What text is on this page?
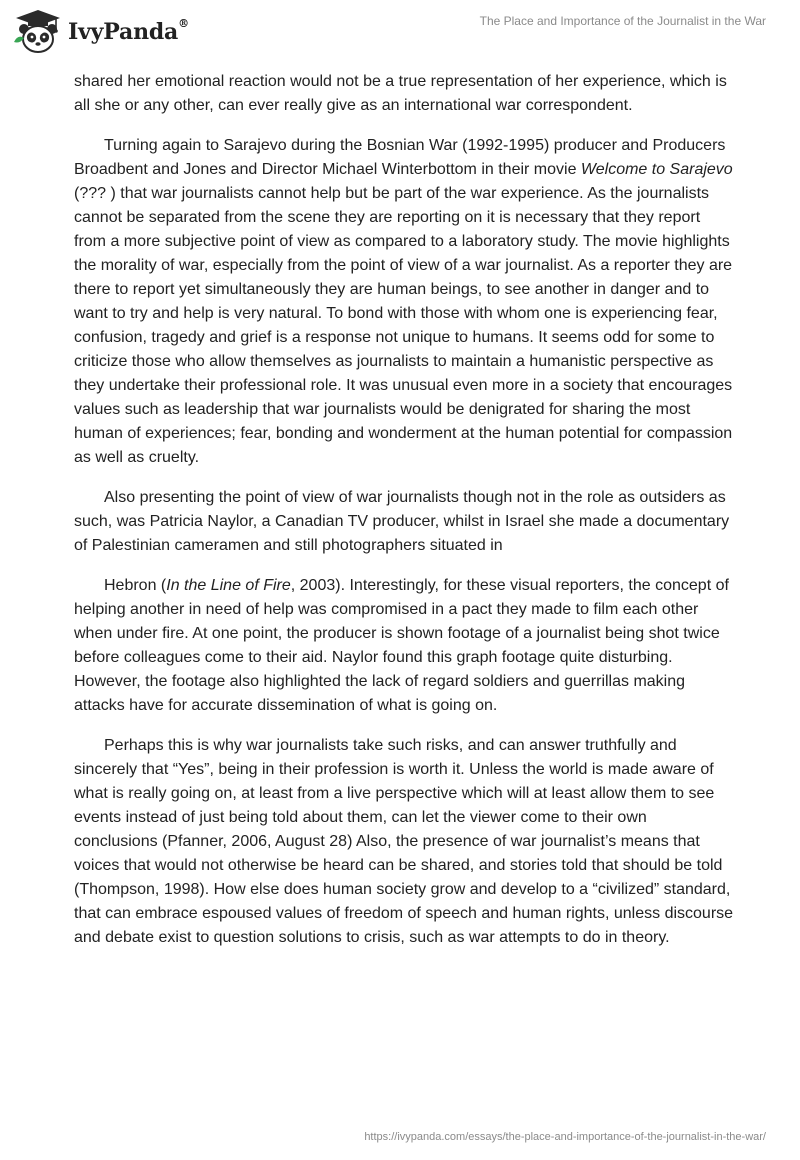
IvyPanda®	The Place and Importance of the Journalist in the War

shared her emotional reaction would not be a true representation of her experience, which is all she or any other, can ever really give as an international war correspondent.

Turning again to Sarajevo during the Bosnian War (1992-1995) producer and Producers Broadbent and Jones and Director Michael Winterbottom in their movie Welcome to Sarajevo (??? ) that war journalists cannot help but be part of the war experience. As the journalists cannot be separated from the scene they are reporting on it is necessary that they report from a more subjective point of view as compared to a laboratory study. The movie highlights the morality of war, especially from the point of view of a war journalist. As a reporter they are there to report yet simultaneously they are human beings, to see another in danger and to want to try and help is very natural. To bond with those with whom one is experiencing fear, confusion, tragedy and grief is a response not unique to humans. It seems odd for some to criticize those who allow themselves as journalists to maintain a humanistic perspective as they undertake their professional role. It was unusual even more in a society that encourages values such as leadership that war journalists would be denigrated for sharing the most human of experiences; fear, bonding and wonderment at the human potential for compassion as well as cruelty.

Also presenting the point of view of war journalists though not in the role as outsiders as such, was Patricia Naylor, a Canadian TV producer, whilst in Israel she made a documentary of Palestinian cameramen and still photographers situated in

Hebron (In the Line of Fire, 2003). Interestingly, for these visual reporters, the concept of helping another in need of help was compromised in a pact they made to film each other when under fire. At one point, the producer is shown footage of a journalist being shot twice before colleagues come to their aid. Naylor found this graph footage quite disturbing. However, the footage also highlighted the lack of regard soldiers and guerrillas making attacks have for accurate dissemination of what is going on.

Perhaps this is why war journalists take such risks, and can answer truthfully and sincerely that “Yes”, being in their profession is worth it. Unless the world is made aware of what is really going on, at least from a live perspective which will at least allow them to see events instead of just being told about them, can let the viewer come to their own conclusions (Pfanner, 2006, August 28) Also, the presence of war journalist’s means that voices that would not otherwise be heard can be shared, and stories told that should be told (Thompson, 1998). How else does human society grow and develop to a “civilized” standard, that can embrace espoused values of freedom of speech and human rights, unless discourse and debate exist to question solutions to crisis, such as war attempts to do in theory.

https://ivypanda.com/essays/the-place-and-importance-of-the-journalist-in-the-war/
